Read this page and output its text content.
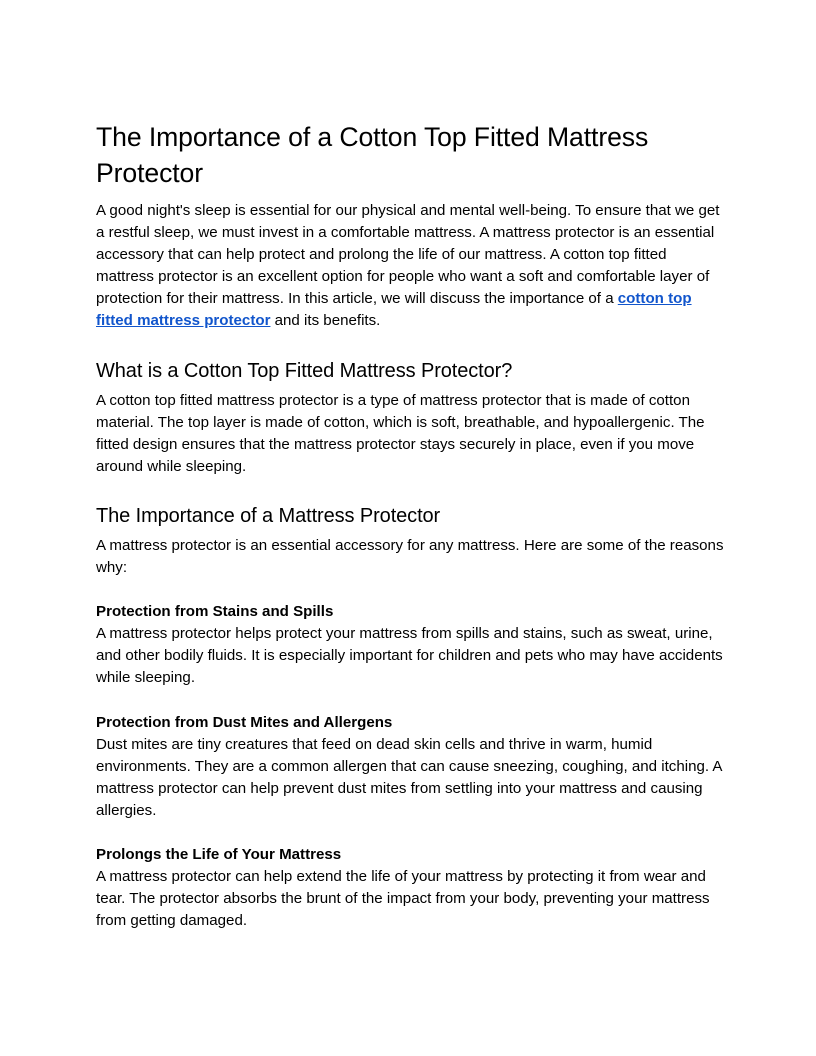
The Importance of a Cotton Top Fitted Mattress Protector

A good night's sleep is essential for our physical and mental well-being. To ensure that we get a restful sleep, we must invest in a comfortable mattress. A mattress protector is an essential accessory that can help protect and prolong the life of our mattress. A cotton top fitted mattress protector is an excellent option for people who want a soft and comfortable layer of protection for their mattress. In this article, we will discuss the importance of a cotton top fitted mattress protector and its benefits.

What is a Cotton Top Fitted Mattress Protector?

A cotton top fitted mattress protector is a type of mattress protector that is made of cotton material. The top layer is made of cotton, which is soft, breathable, and hypoallergenic. The fitted design ensures that the mattress protector stays securely in place, even if you move around while sleeping.

The Importance of a Mattress Protector

A mattress protector is an essential accessory for any mattress. Here are some of the reasons why:

Protection from Stains and Spills

A mattress protector helps protect your mattress from spills and stains, such as sweat, urine, and other bodily fluids. It is especially important for children and pets who may have accidents while sleeping.

Protection from Dust Mites and Allergens

Dust mites are tiny creatures that feed on dead skin cells and thrive in warm, humid environments. They are a common allergen that can cause sneezing, coughing, and itching. A mattress protector can help prevent dust mites from settling into your mattress and causing allergies.

Prolongs the Life of Your Mattress

A mattress protector can help extend the life of your mattress by protecting it from wear and tear. The protector absorbs the brunt of the impact from your body, preventing your mattress from getting damaged.
